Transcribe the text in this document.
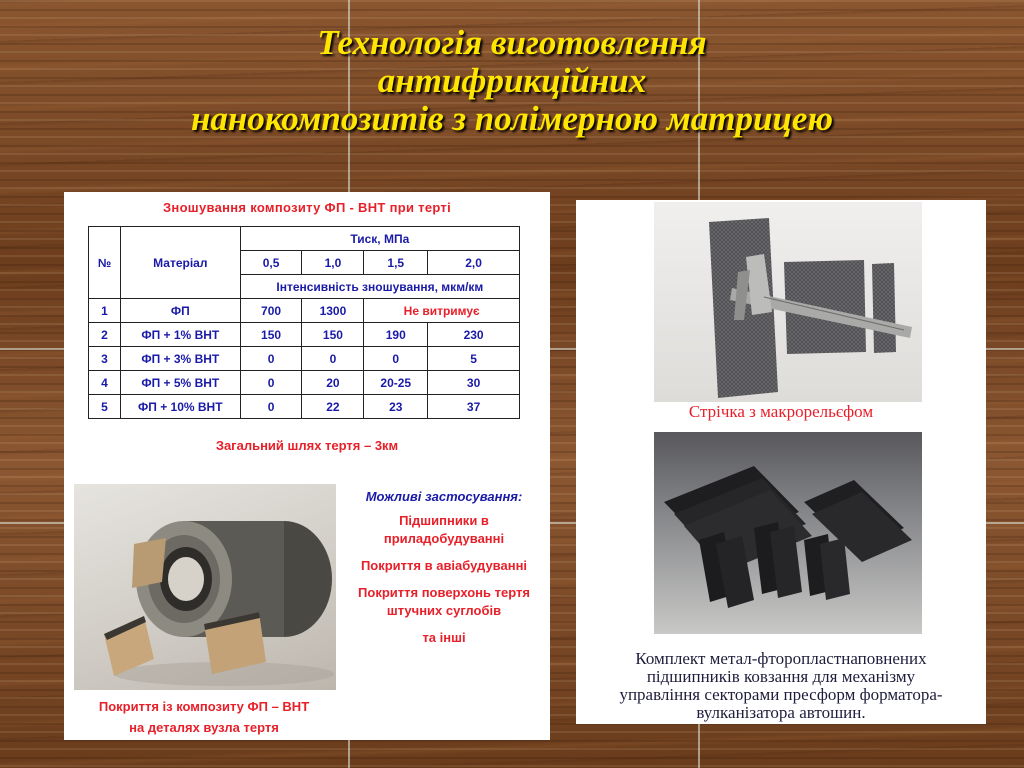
Технологія виготовлення
антифрикційних
нанокомпозитів з полімерною матрицею
Зношування композиту ФП - ВНТ при терті
№	Матеріал	Тиск, МПа			
		0,5	1,0	1,5	2,0
		Інтенсивність зношування, мкм/км			
1	ФП	700	1300	Не витримує	
2	ФП + 1% ВНТ	150	150	190	230
3	ФП + 3% ВНТ	0	0	0	5
4	ФП + 5% ВНТ	0	20	20-25	30
5	ФП + 10% ВНТ	0	22	23	37
Загальний шлях тертя – 3км
Покриття із композиту ФП – ВНТ
на деталях вузла тертя
Можливі застосування:
Підшипники в приладобудуванні
Покриття в авіабудуванні
Покриття поверхонь тертя штучних суглобів
та інші
Стрічка з макрорельєфом
Комплект метал-фторопластнаповнених
підшипників ковзання для механізму
управління секторами пресформ форматора-
вулканізатора автошин.
